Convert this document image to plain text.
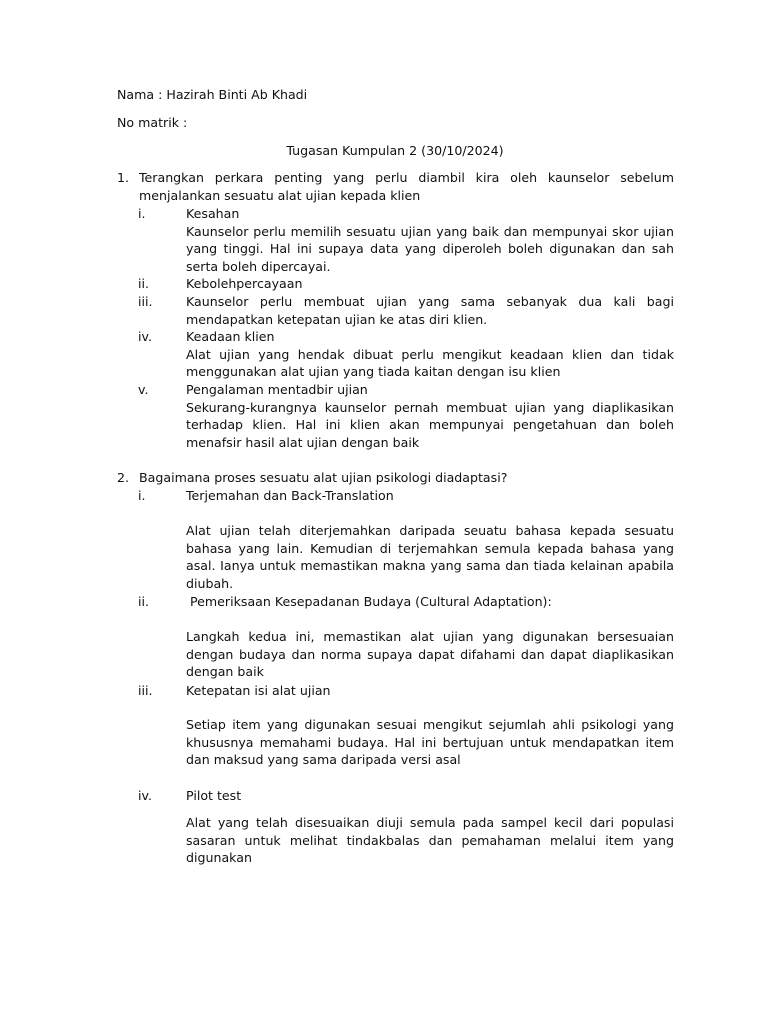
Nama : Hazirah Binti Ab Khadi
No matrik :
Tugasan Kumpulan 2 (30/10/2024)
1. Terangkan perkara penting yang perlu diambil kira oleh kaunselor sebelum menjalankan sesuatu alat ujian kepada klien
i.	Kesahan
Kaunselor perlu memilih sesuatu ujian yang baik dan mempunyai skor ujian yang tinggi. Hal ini supaya data yang diperoleh boleh digunakan dan sah serta boleh dipercayai.
ii.	Kebolehpercayaan
iii.	Kaunselor perlu membuat ujian yang sama sebanyak dua kali bagi mendapatkan ketepatan ujian ke atas diri klien.
iv.	Keadaan klien
Alat ujian yang hendak dibuat perlu mengikut keadaan klien dan tidak menggunakan alat ujian yang tiada kaitan dengan isu klien
v.	Pengalaman mentadbir ujian
Sekurang-kurangnya kaunselor pernah membuat ujian yang diaplikasikan terhadap klien. Hal ini klien akan mempunyai pengetahuan dan boleh menafsir hasil alat ujian dengan baik
2. Bagaimana proses sesuatu alat ujian psikologi diadaptasi?
i.	Terjemahan dan Back-Translation
Alat ujian telah diterjemahkan daripada seuatu bahasa kepada sesuatu bahasa yang lain. Kemudian di terjemahkan semula kepada bahasa yang asal. Ianya untuk memastikan makna yang sama dan tiada kelainan apabila diubah.
ii.	Pemeriksaan Kesepadanan Budaya (Cultural Adaptation):
Langkah kedua ini, memastikan alat ujian yang digunakan bersesuaian dengan budaya dan norma supaya dapat difahami dan dapat diaplikasikan dengan baik
iii.	Ketepatan isi alat ujian
Setiap item yang digunakan sesuai mengikut sejumlah ahli psikologi yang khususnya memahami budaya. Hal ini bertujuan untuk mendapatkan item dan maksud yang sama daripada versi asal
iv.	Pilot test
Alat yang telah disesuaikan diuji semula pada sampel kecil dari populasi sasaran untuk melihat tindakbalas dan pemahaman melalui item yang digunakan
